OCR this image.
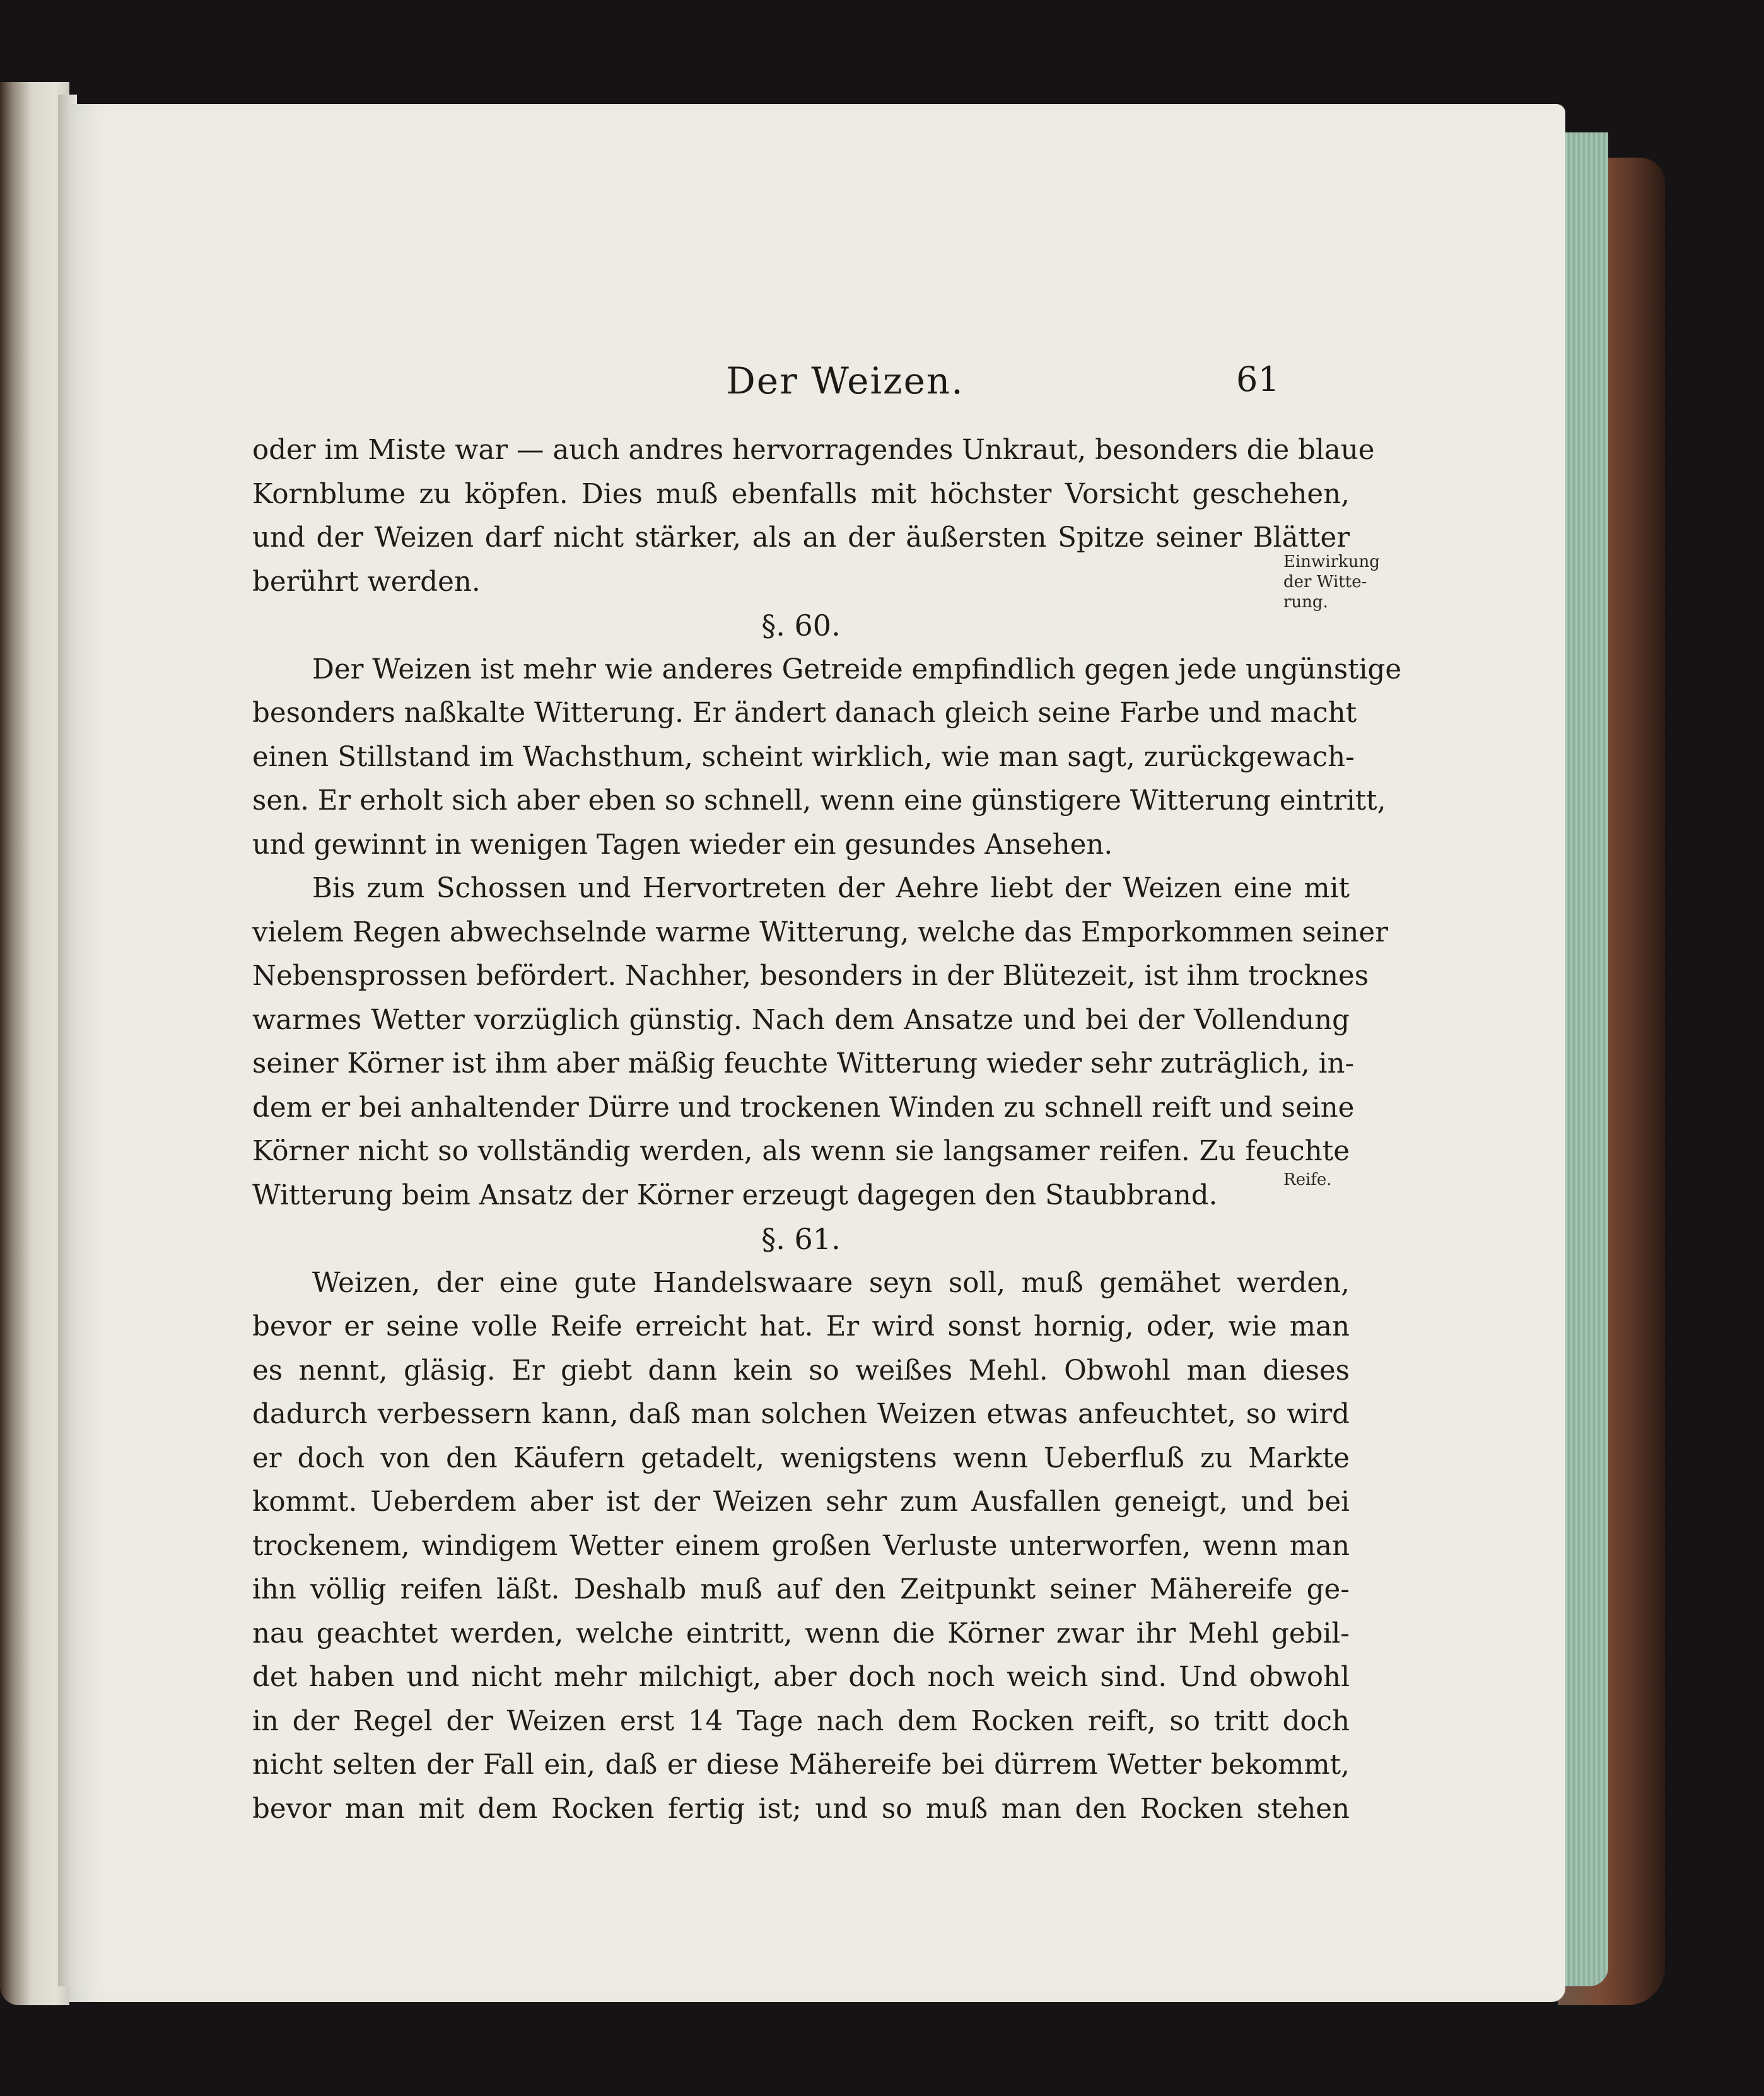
Der Weizen.	61
oder im Miste war — auch andres hervorragendes Unkraut, besonders die blaue
Kornblume zu köpfen. Dies muß ebenfalls mit höchster Vorsicht geschehen,
und der Weizen darf nicht stärker, als an der äußersten Spitze seiner Blätter
berührt werden.
§. 60.
Der Weizen ist mehr wie anderes Getreide empfindlich gegen jede ungünstige
besonders naßkalte Witterung. Er ändert danach gleich seine Farbe und macht
einen Stillstand im Wachsthum, scheint wirklich, wie man sagt, zurückgewach-
sen. Er erholt sich aber eben so schnell, wenn eine günstigere Witterung eintritt,
und gewinnt in wenigen Tagen wieder ein gesundes Ansehen.
Bis zum Schossen und Hervortreten der Aehre liebt der Weizen eine mit
vielem Regen abwechselnde warme Witterung, welche das Emporkommen seiner
Nebensprossen befördert. Nachher, besonders in der Blütezeit, ist ihm trocknes
warmes Wetter vorzüglich günstig. Nach dem Ansatze und bei der Vollendung
seiner Körner ist ihm aber mäßig feuchte Witterung wieder sehr zuträglich, in-
dem er bei anhaltender Dürre und trockenen Winden zu schnell reift und seine
Körner nicht so vollständig werden, als wenn sie langsamer reifen. Zu feuchte
Witterung beim Ansatz der Körner erzeugt dagegen den Staubbrand.
§. 61.
Weizen, der eine gute Handelswaare seyn soll, muß gemähet werden,
bevor er seine volle Reife erreicht hat. Er wird sonst hornig, oder, wie man
es nennt, gläsig. Er giebt dann kein so weißes Mehl. Obwohl man dieses
dadurch verbessern kann, daß man solchen Weizen etwas anfeuchtet, so wird
er doch von den Käufern getadelt, wenigstens wenn Ueberfluß zu Markte
kommt. Ueberdem aber ist der Weizen sehr zum Ausfallen geneigt, und bei
trockenem, windigem Wetter einem großen Verluste unterworfen, wenn man
ihn völlig reifen läßt. Deshalb muß auf den Zeitpunkt seiner Mähereife ge-
nau geachtet werden, welche eintritt, wenn die Körner zwar ihr Mehl gebil-
det haben und nicht mehr milchigt, aber doch noch weich sind. Und obwohl
in der Regel der Weizen erst 14 Tage nach dem Rocken reift, so tritt doch
nicht selten der Fall ein, daß er diese Mähereife bei dürrem Wetter bekommt,
bevor man mit dem Rocken fertig ist; und so muß man den Rocken stehen
Einwirkung
der Witte-
rung.
Reife.
